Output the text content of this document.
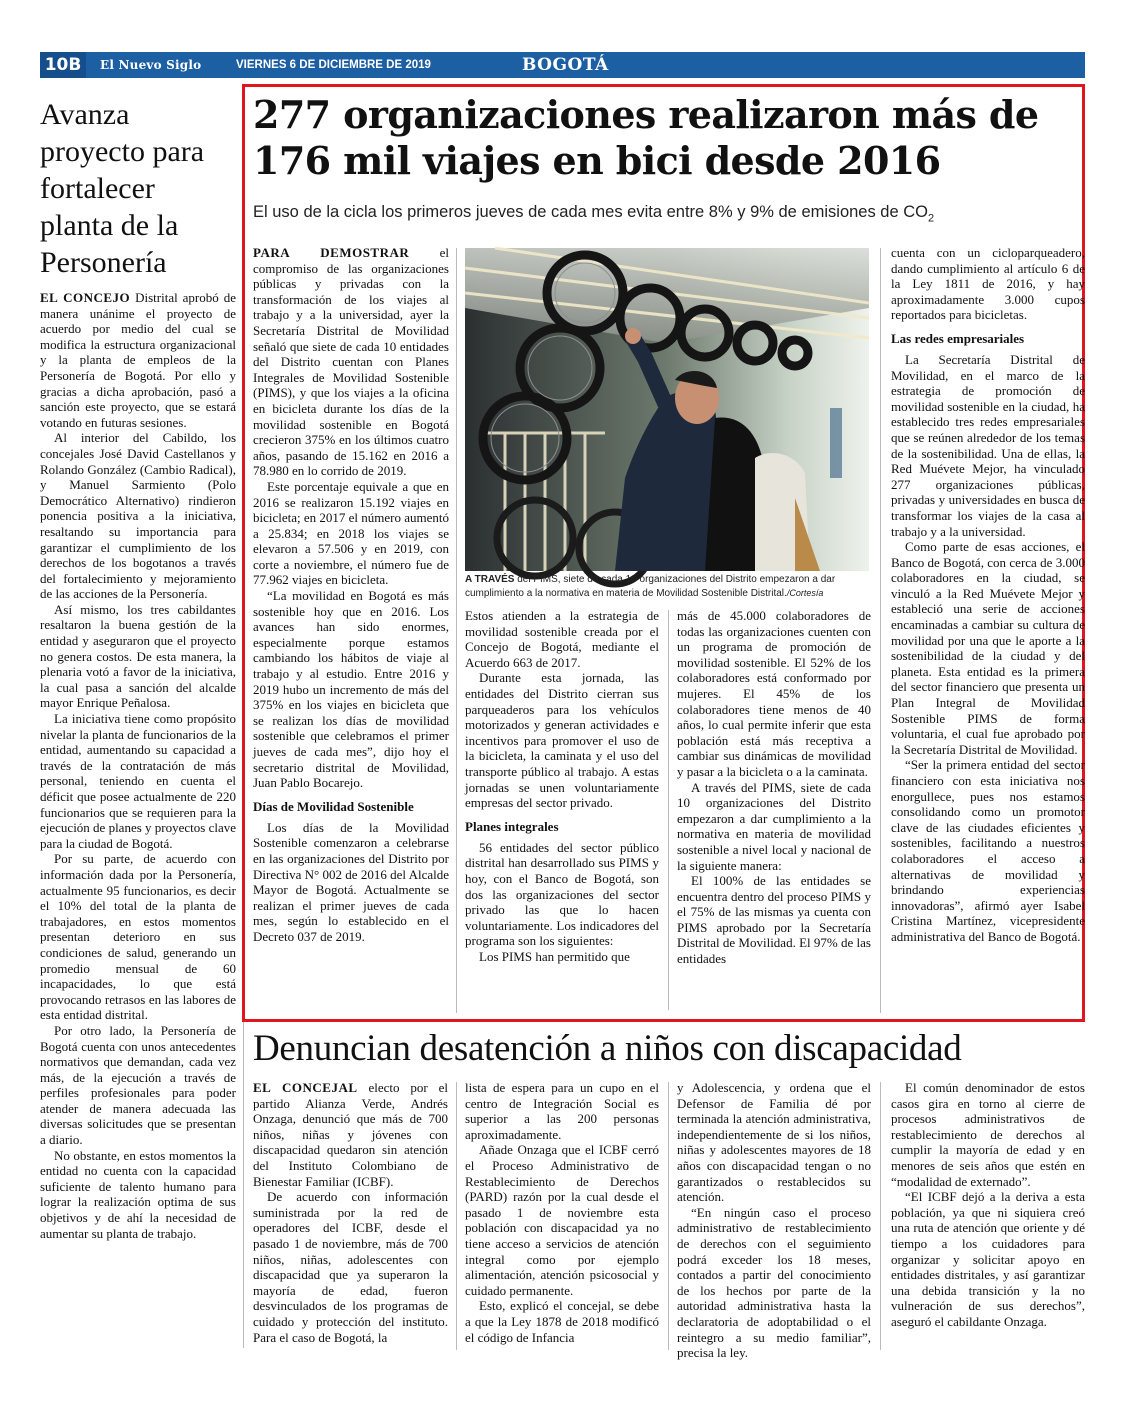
10B	El Nuevo Siglo	VIERNES 6 DE DICIEMBRE DE 2019	BOGOTÁ
Avanza proyecto para fortalecer planta de la Personería

EL CONCEJO Distrital aprobó de manera unánime el proyecto de acuerdo por medio del cual se modifica la estructura organizacional y la planta de empleos de la Personería de Bogotá. Por ello y gracias a dicha aprobación, pasó a sanción este proyecto, que se estará votando en futuras sesiones.

Al interior del Cabildo, los concejales José David Castellanos y Rolando González (Cambio Radical), y Manuel Sarmiento (Polo Democrático Alternativo) rindieron ponencia positiva a la iniciativa, resaltando su importancia para garantizar el cumplimiento de los derechos de los bogotanos a través del fortalecimiento y mejoramiento de las acciones de la Personería.

Así mismo, los tres cabildantes resaltaron la buena gestión de la entidad y aseguraron que el proyecto no genera costos. De esta manera, la plenaria votó a favor de la iniciativa, la cual pasa a sanción del alcalde mayor Enrique Peñalosa.

La iniciativa tiene como propósito nivelar la planta de funcionarios de la entidad, aumentando su capacidad a través de la contratación de más personal, teniendo en cuenta el déficit que posee actualmente de 220 funcionarios que se requieren para la ejecución de planes y proyectos clave para la ciudad de Bogotá.

Por su parte, de acuerdo con información dada por la Personería, actualmente 95 funcionarios, es decir el 10% del total de la planta de trabajadores, en estos momentos presentan deterioro en sus condiciones de salud, generando un promedio mensual de 60 incapacidades, lo que está provocando retrasos en las labores de esta entidad distrital.

Por otro lado, la Personería de Bogotá cuenta con unos antecedentes normativos que demandan, cada vez más, de la ejecución a través de perfiles profesionales para poder atender de manera adecuada las diversas solicitudes que se presentan a diario.

No obstante, en estos momentos la entidad no cuenta con la capacidad suficiente de talento humano para lograr la realización optima de sus objetivos y de ahí la necesidad de aumentar su planta de trabajo.

277 organizaciones realizaron más de 176 mil viajes en bici desde 2016
El uso de la cicla los primeros jueves de cada mes evita entre 8% y 9% de emisiones de $CO_2$

PARA DEMOSTRAR el compromiso de las organizaciones públicas y privadas con la transformación de los viajes al trabajo y a la universidad, ayer la Secretaría Distrital de Movilidad señaló que siete de cada 10 entidades del Distrito cuentan con Planes Integrales de Movilidad Sostenible (PIMS), y que los viajes a la oficina en bicicleta durante los días de la movilidad sostenible en Bogotá crecieron 375% en los últimos cuatro años, pasando de 15.162 en 2016 a 78.980 en lo corrido de 2019.

Este porcentaje equivale a que en 2016 se realizaron 15.192 viajes en bicicleta; en 2017 el número aumentó a 25.834; en 2018 los viajes se elevaron a 57.506 y en 2019, con corte a noviembre, el número fue de 77.962 viajes en bicicleta.

“La movilidad en Bogotá es más sostenible hoy que en 2016. Los avances han sido enormes, especialmente porque estamos cambiando los hábitos de viaje al trabajo y al estudio. Entre 2016 y 2019 hubo un incremento de más del 375% en los viajes en bicicleta que se realizan los días de movilidad sostenible que celebramos el primer jueves de cada mes”, dijo hoy el secretario distrital de Movilidad, Juan Pablo Bocarejo.

Días de Movilidad Sostenible

Los días de la Movilidad Sostenible comenzaron a celebrarse en las organizaciones del Distrito por Directiva N° 002 de 2016 del Alcalde Mayor de Bogotá. Actualmente se realizan el primer jueves de cada mes, según lo establecido en el Decreto 037 de 2019.

A TRAVÉS del PIMS, siete de cada 10 organizaciones del Distrito empezaron a dar cumplimiento a la normativa en materia de Movilidad Sostenible Distrital./Cortesía

Estos atienden a la estrategia de movilidad sostenible creada por el Concejo de Bogotá, mediante el Acuerdo 663 de 2017.

Durante esta jornada, las entidades del Distrito cierran sus parqueaderos para los vehículos motorizados y generan actividades e incentivos para promover el uso de la bicicleta, la caminata y el uso del transporte público al trabajo. A estas jornadas se unen voluntariamente empresas del sector privado.

Planes integrales

56 entidades del sector público distrital han desarrollado sus PIMS y hoy, con el Banco de Bogotá, son dos las organizaciones del sector privado las que lo hacen voluntariamente. Los indicadores del programa son los siguientes:

Los PIMS han permitido que

más de 45.000 colaboradores de todas las organizaciones cuenten con un programa de promoción de movilidad sostenible. El 52% de los colaboradores está conformado por mujeres. El 45% de los colaboradores tiene menos de 40 años, lo cual permite inferir que esta población está más receptiva a cambiar sus dinámicas de movilidad y pasar a la bicicleta o a la caminata.

A través del PIMS, siete de cada 10 organizaciones del Distrito empezaron a dar cumplimiento a la normativa en materia de movilidad sostenible a nivel local y nacional de la siguiente manera:

El 100% de las entidades se encuentra dentro del proceso PIMS y el 75% de las mismas ya cuenta con PIMS aprobado por la Secretaría Distrital de Movilidad. El 97% de las entidades

cuenta con un cicloparqueadero, dando cumplimiento al artículo 6 de la Ley 1811 de 2016, y hay aproximadamente 3.000 cupos reportados para bicicletas.

Las redes empresariales

La Secretaría Distrital de Movilidad, en el marco de la estrategia de promoción de movilidad sostenible en la ciudad, ha establecido tres redes empresariales que se reúnen alrededor de los temas de la sostenibilidad. Una de ellas, la Red Muévete Mejor, ha vinculado 277 organizaciones públicas, privadas y universidades en busca de transformar los viajes de la casa al trabajo y a la universidad.

Como parte de esas acciones, el Banco de Bogotá, con cerca de 3.000 colaboradores en la ciudad, se vinculó a la Red Muévete Mejor y estableció una serie de acciones encaminadas a cambiar su cultura de movilidad por una que le aporte a la sostenibilidad de la ciudad y del planeta. Esta entidad es la primera del sector financiero que presenta un Plan Integral de Movilidad Sostenible PIMS de forma voluntaria, el cual fue aprobado por la Secretaría Distrital de Movilidad.

“Ser la primera entidad del sector financiero con esta iniciativa nos enorgullece, pues nos estamos consolidando como un promotor clave de las ciudades eficientes y sostenibles, facilitando a nuestros colaboradores el acceso a alternativas de movilidad y brindando experiencias innovadoras”, afirmó ayer Isabel Cristina Martínez, vicepresidente administrativa del Banco de Bogotá.

Denuncian desatención a niños con discapacidad

EL CONCEJAL electo por el partido Alianza Verde, Andrés Onzaga, denunció que más de 700 niños, niñas y jóvenes con discapacidad quedaron sin atención del Instituto Colombiano de Bienestar Familiar (ICBF).

De acuerdo con información suministrada por la red de operadores del ICBF, desde el pasado 1 de noviembre, más de 700 niños, niñas, adolescentes con discapacidad que ya superaron la mayoría de edad, fueron desvinculados de los programas de cuidado y protección del instituto. Para el caso de Bogotá, la

lista de espera para un cupo en el centro de Integración Social es superior a las 200 personas aproximadamente.

Añade Onzaga que el ICBF cerró el Proceso Administrativo de Restablecimiento de Derechos (PARD) razón por la cual desde el pasado 1 de noviembre esta población con discapacidad ya no tiene acceso a servicios de atención integral como por ejemplo alimentación, atención psicosocial y cuidado permanente.

Esto, explicó el concejal, se debe a que la Ley 1878 de 2018 modificó el código de Infancia

y Adolescencia, y ordena que el Defensor de Familia dé por terminada la atención administrativa, independientemente de si los niños, niñas y adolescentes mayores de 18 años con discapacidad tengan o no garantizados o restablecidos su atención.

“En ningún caso el proceso administrativo de restablecimiento de derechos con el seguimiento podrá exceder los 18 meses, contados a partir del conocimiento de los hechos por parte de la autoridad administrativa hasta la declaratoria de adoptabilidad o el reintegro a su medio familiar”, precisa la ley.

El común denominador de estos casos gira en torno al cierre de procesos administrativos de restablecimiento de derechos al cumplir la mayoría de edad y en menores de seis años que estén en “modalidad de externado”.

“El ICBF dejó a la deriva a esta población, ya que ni siquiera creó una ruta de atención que oriente y dé tiempo a los cuidadores para organizar y solicitar apoyo en entidades distritales, y así garantizar una debida transición y la no vulneración de sus derechos”, aseguró el cabildante Onzaga.
